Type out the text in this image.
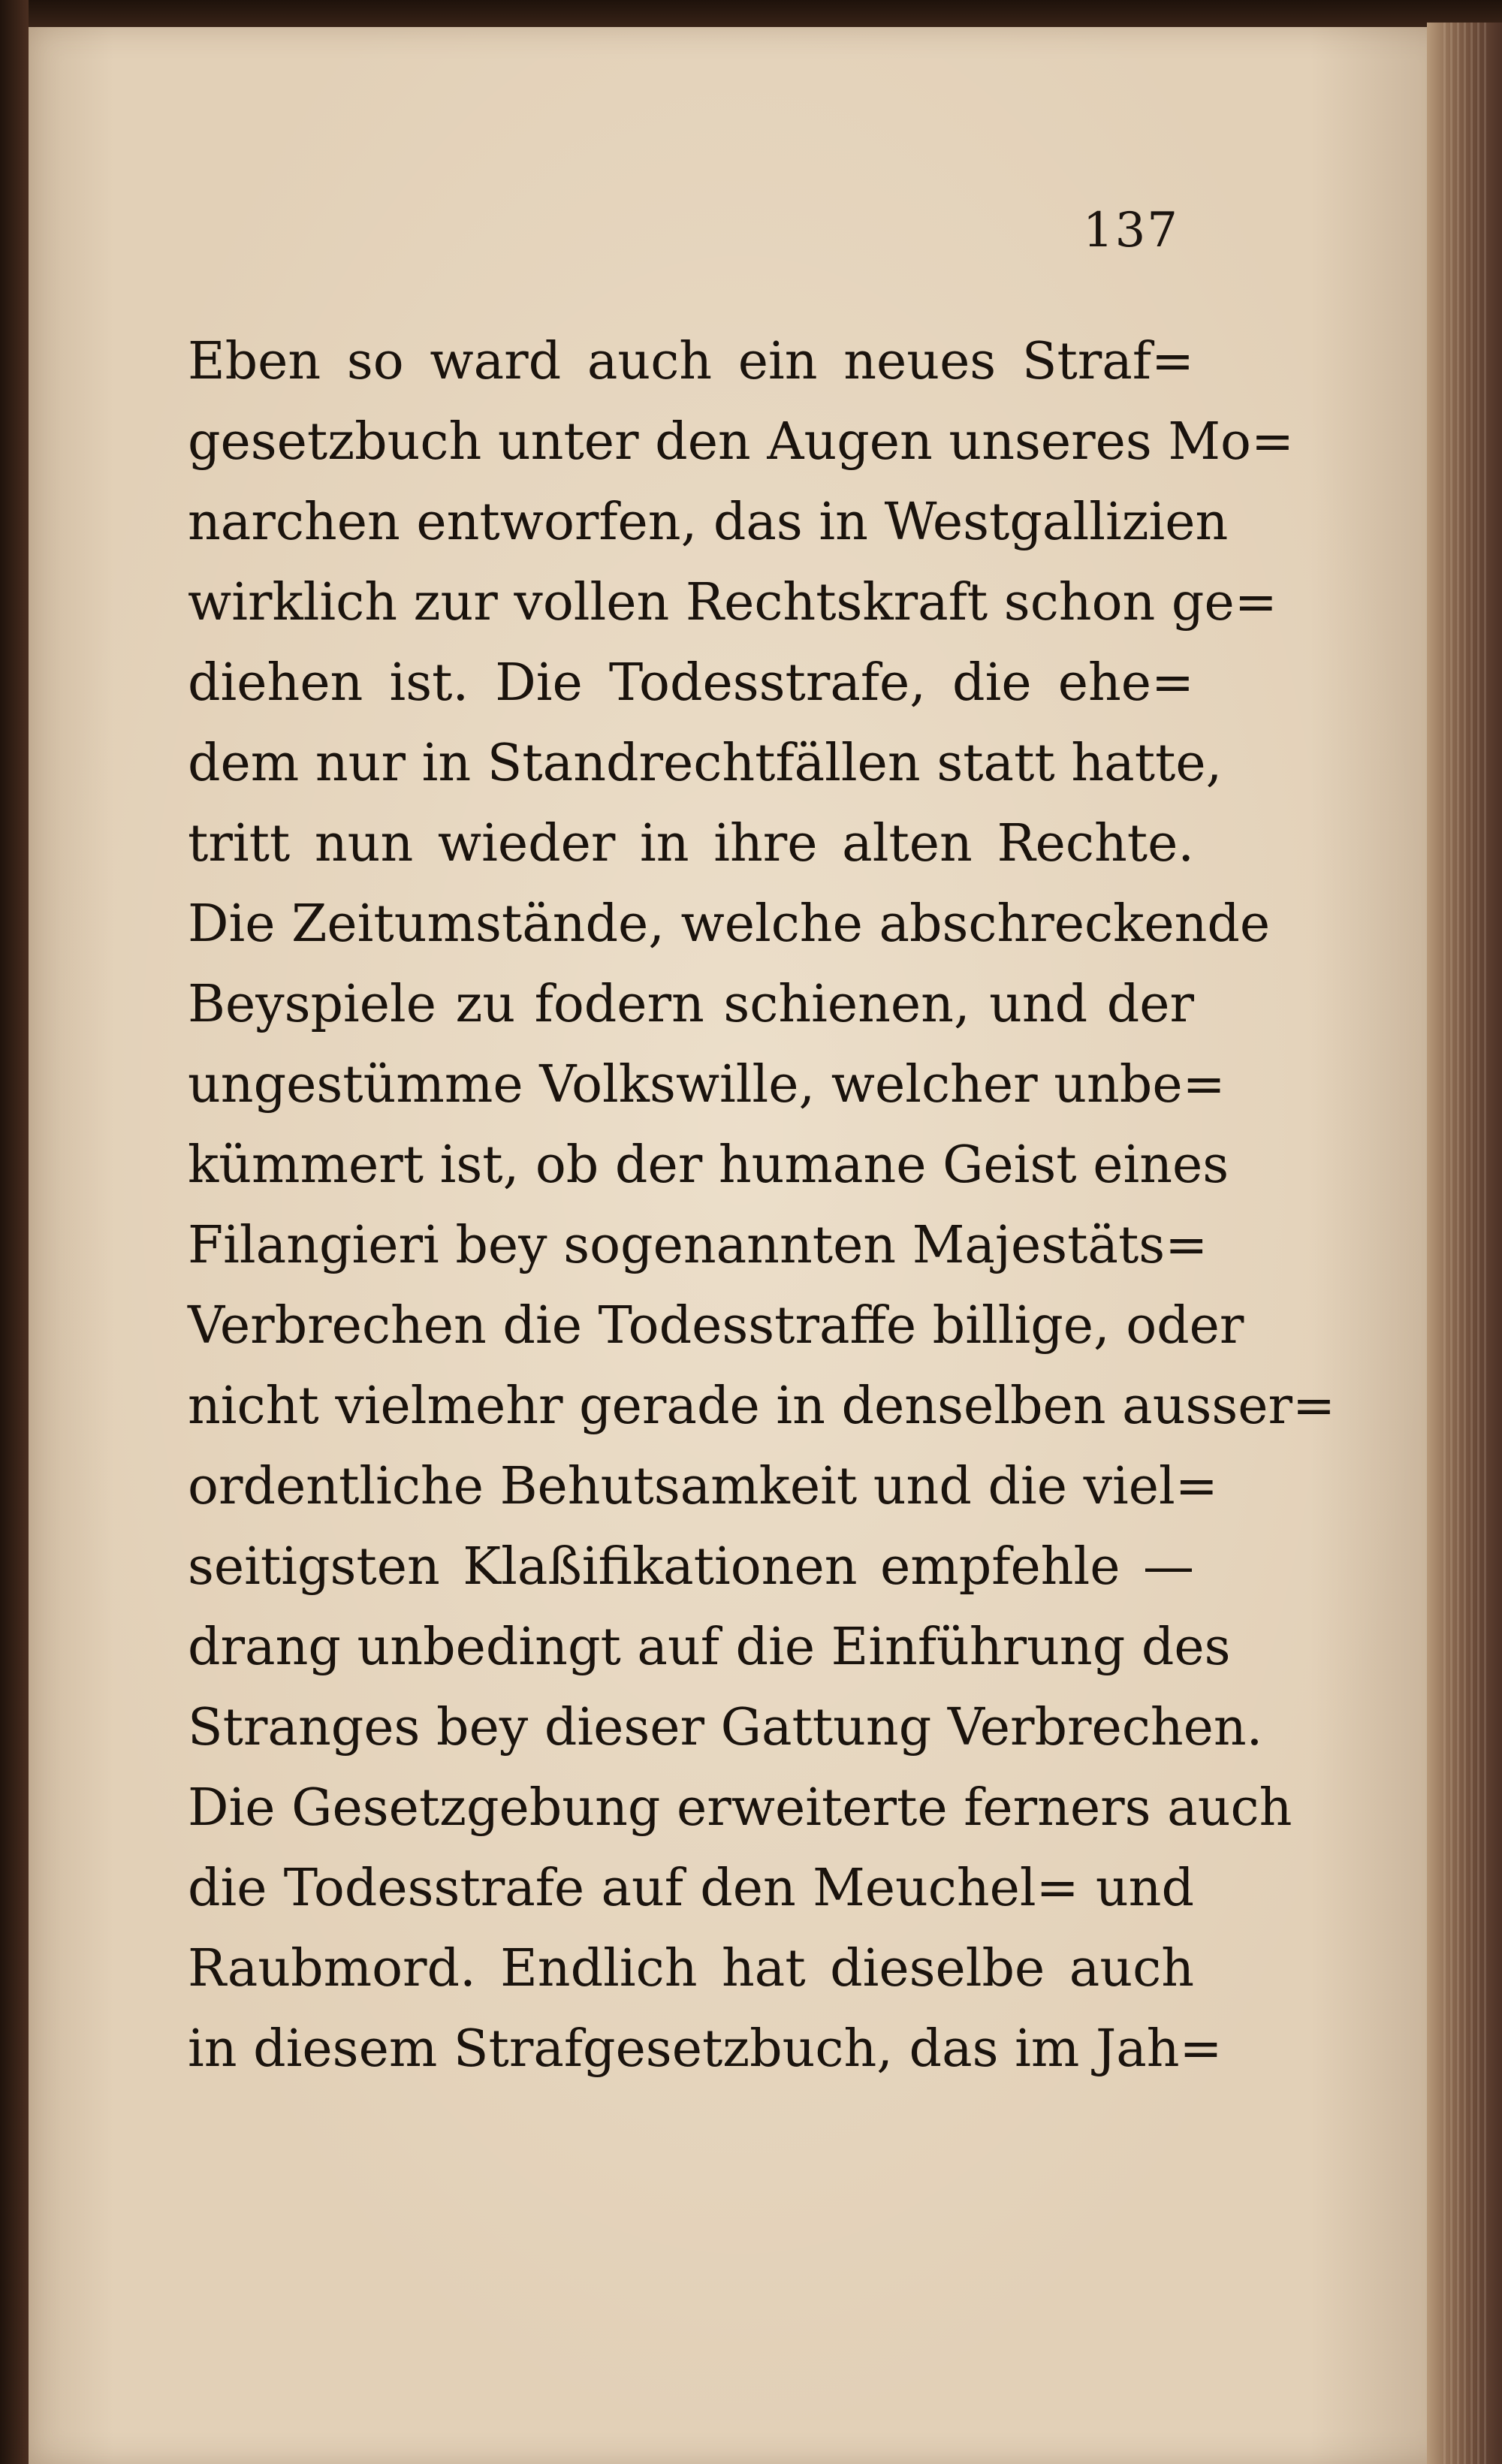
137
Eben so ward auch ein neues Straf=
gesetzbuch unter den Augen unseres Mo=
narchen entworfen, das in Westgallizien
wirklich zur vollen Rechtskraft schon ge=
diehen ist. Die Todesstrafe, die ehe=
dem nur in Standrechtfällen statt hatte,
tritt nun wieder in ihre alten Rechte.
Die Zeitumstände, welche abschreckende
Beyspiele zu fodern schienen, und der
ungestümme Volkswille, welcher unbe=
kümmert ist, ob der humane Geist eines
Filangieri bey sogenannten Majestäts=
Verbrechen die Todesstraffe billige, oder
nicht vielmehr gerade in denselben ausser=
ordentliche Behutsamkeit und die viel=
seitigsten Klaßifikationen empfehle —
drang unbedingt auf die Einführung des
Stranges bey dieser Gattung Verbrechen.
Die Gesetzgebung erweiterte ferners auch
die Todesstrafe auf den Meuchel= und
Raubmord. Endlich hat dieselbe auch
in diesem Strafgesetzbuch, das im Jah=
